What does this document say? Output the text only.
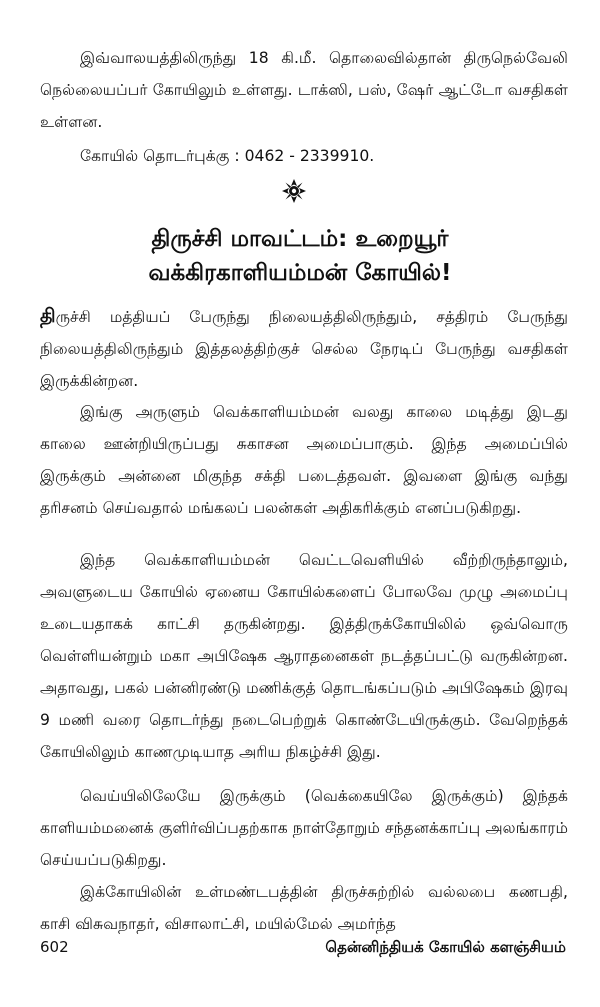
இவ்வாலயத்திலிருந்து 18 கி.மீ. தொலைவில்தான் திருநெல்வேலி நெல்லையப்பர் கோயிலும் உள்ளது. டாக்ஸி, பஸ், ஷேர் ஆட்டோ வசதிகள் உள்ளன.

கோயில் தொடர்புக்கு : 0462 - 2339910.

திருச்சி மாவட்டம்: உறையூர்

வக்கிரகாளியம்மன் கோயில்!

திருச்சி மத்தியப் பேருந்து நிலையத்திலிருந்தும், சத்திரம் பேருந்து நிலையத்திலிருந்தும் இத்தலத்திற்குச் செல்ல நேரடிப் பேருந்து வசதிகள் இருக்கின்றன.

இங்கு அருளும் வெக்காளியம்மன் வலது காலை மடித்து இடது காலை ஊன்றியிருப்பது சுகாசன அமைப்பாகும். இந்த அமைப்பில் இருக்கும் அன்னை மிகுந்த சக்தி படைத்தவள். இவளை இங்கு வந்து தரிசனம் செய்வதால் மங்கலப் பலன்கள் அதிகரிக்கும் எனப்படுகிறது.

இந்த வெக்காளியம்மன் வெட்டவெளியில் வீற்றிருந்தாலும், அவளுடைய கோயில் ஏனைய கோயில்களைப் போலவே முழு அமைப்பு உடையதாகக் காட்சி தருகின்றது. இத்திருக்கோயிலில் ஒவ்வொரு வெள்ளியன்றும் மகா அபிஷேக ஆராதனைகள் நடத்தப்பட்டு வருகின்றன. அதாவது, பகல் பன்னிரண்டு மணிக்குத் தொடங்கப்படும் அபிஷேகம் இரவு 9 மணி வரை தொடர்ந்து நடைபெற்றுக் கொண்டேயிருக்கும். வேறெந்தக் கோயிலிலும் காணமுடியாத அரிய நிகழ்ச்சி இது.

வெய்யிலிலேயே இருக்கும் (வெக்கையிலே இருக்கும்) இந்தக் காளியம்மனைக் குளிர்விப்பதற்காக நாள்தோறும் சந்தனக்காப்பு அலங்காரம் செய்யப்படுகிறது.

இக்கோயிலின் உள்மண்டபத்தின் திருச்சுற்றில் வல்லபை கணபதி, காசி விசுவநாதர், விசாலாட்சி, மயில்மேல் அமர்ந்த

602	தென்னிந்தியக் கோயில் களஞ்சியம்
